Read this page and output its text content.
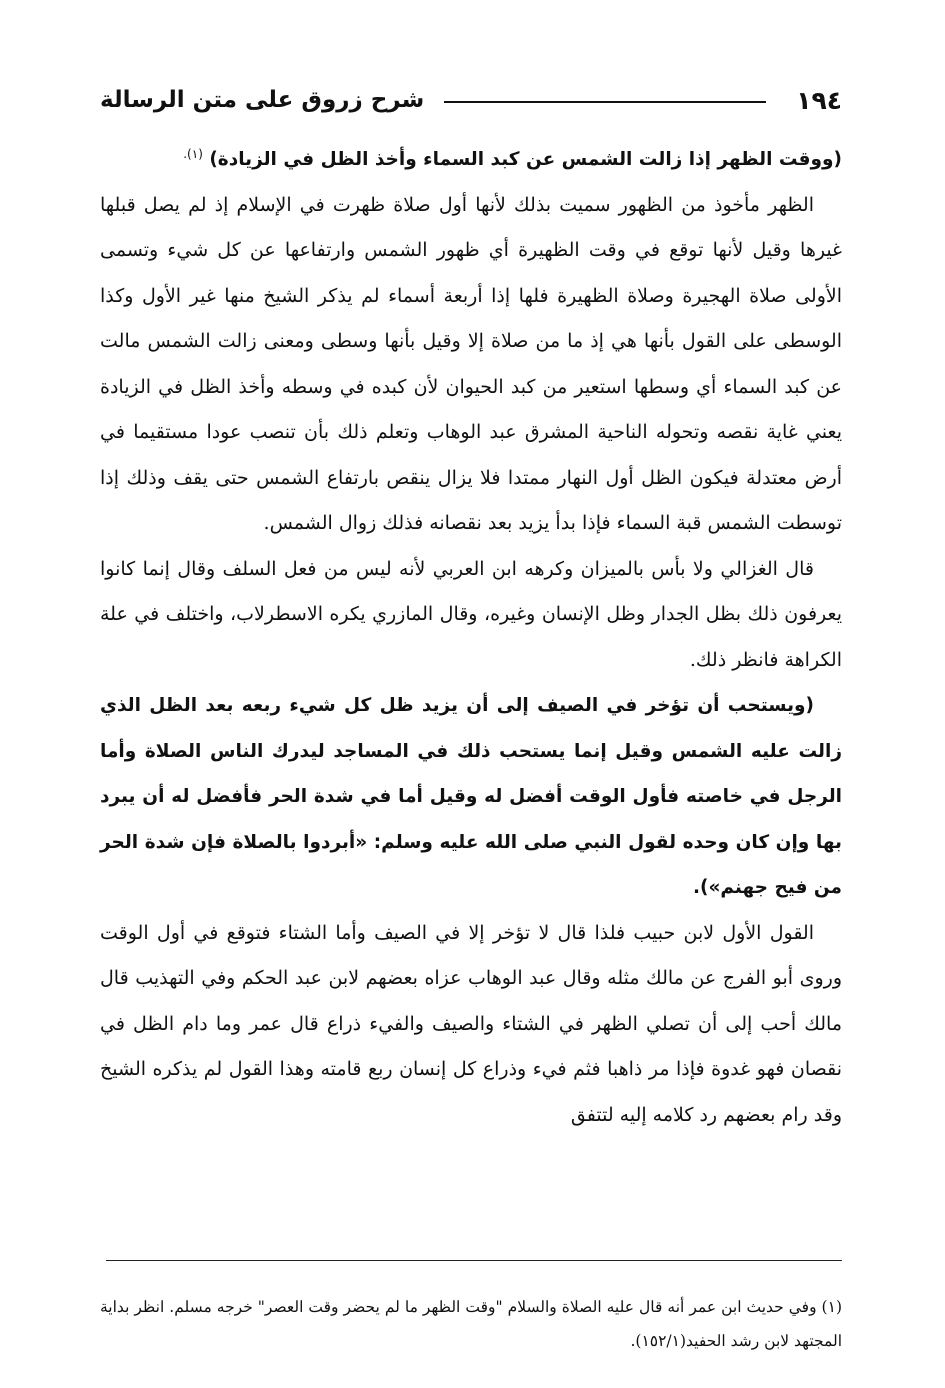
١٩٤
شرح زروق على متن الرسالة

(ووقت الظهر إذا زالت الشمس عن كبد السماء وأخذ الظل في الزيادة) $^{(١).}$

الظهر مأخوذ من الظهور سميت بذلك لأنها أول صلاة ظهرت في الإسلام إذ لم يصل قبلها غيرها وقيل لأنها توقع في وقت الظهيرة أي ظهور الشمس وارتفاعها عن كل شيء وتسمى الأولى صلاة الهجيرة وصلاة الظهيرة فلها إذا أربعة أسماء لم يذكر الشيخ منها غير الأول وكذا الوسطى على القول بأنها هي إذ ما من صلاة إلا وقيل بأنها وسطى ومعنى زالت الشمس مالت عن كبد السماء أي وسطها استعير من كبد الحيوان لأن كبده في وسطه وأخذ الظل في الزيادة يعني غاية نقصه وتحوله الناحية المشرق عبد الوهاب وتعلم ذلك بأن تنصب عودا مستقيما في أرض معتدلة فيكون الظل أول النهار ممتدا فلا يزال ينقص بارتفاع الشمس حتى يقف وذلك إذا توسطت الشمس قبة السماء فإذا بدأ يزيد بعد نقصانه فذلك زوال الشمس.

قال الغزالي ولا بأس بالميزان وكرهه ابن العربي لأنه ليس من فعل السلف وقال إنما كانوا يعرفون ذلك بظل الجدار وظل الإنسان وغيره، وقال المازري يكره الاسطرلاب، واختلف في علة الكراهة فانظر ذلك.

(ويستحب أن تؤخر في الصيف إلى أن يزيد ظل كل شيء ربعه بعد الظل الذي زالت عليه الشمس وقيل إنما يستحب ذلك في المساجد ليدرك الناس الصلاة وأما الرجل في خاصته فأول الوقت أفضل له وقيل أما في شدة الحر فأفضل له أن يبرد بها وإن كان وحده لقول النبي صلى الله عليه وسلم: «أبردوا بالصلاة فإن شدة الحر من فيح جهنم»).

القول الأول لابن حبيب فلذا قال لا تؤخر إلا في الصيف وأما الشتاء فتوقع في أول الوقت وروى أبو الفرج عن مالك مثله وقال عبد الوهاب عزاه بعضهم لابن عبد الحكم وفي التهذيب قال مالك أحب إلى أن تصلي الظهر في الشتاء والصيف والفيء ذراع قال عمر وما دام الظل في نقصان فهو غدوة فإذا مر ذاهبا فثم فيء وذراع كل إنسان ربع قامته وهذا القول لم يذكره الشيخ وقد رام بعضهم رد كلامه إليه لتتفق

(١) وفي حديث ابن عمر أنه قال عليه الصلاة والسلام "وقت الظهر ما لم يحضر وقت العصر" خرجه مسلم. انظر بداية المجتهد لابن رشد الحفيد(١٥٢/١).
